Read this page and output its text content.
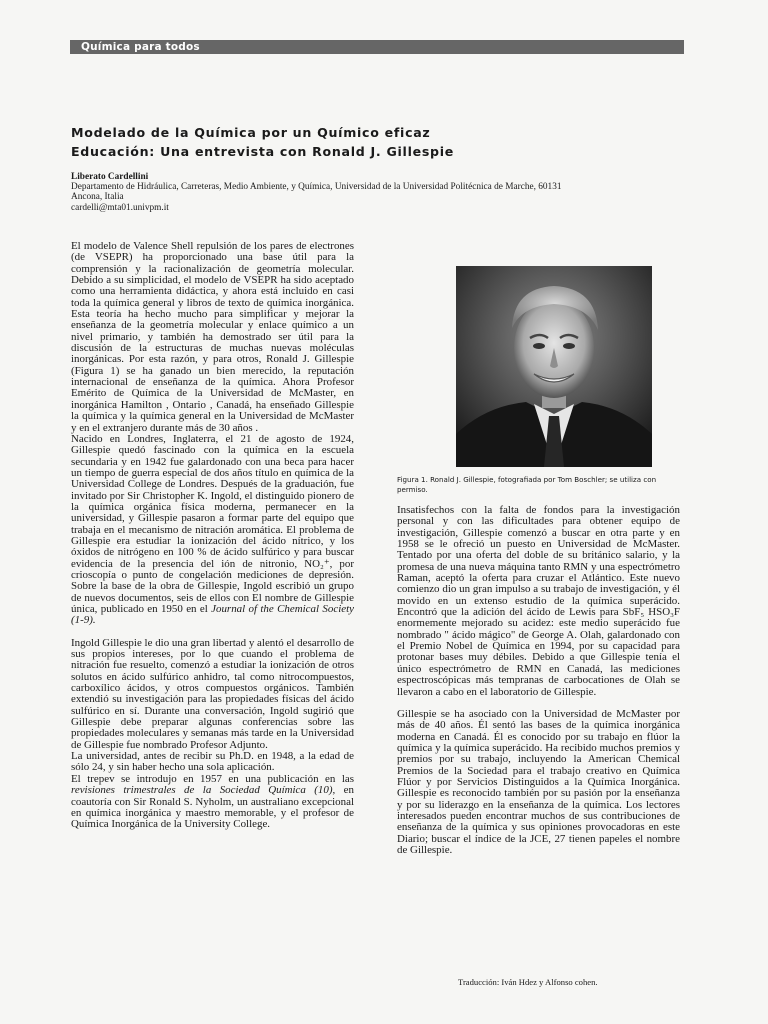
Química para todos
Modelado de la Química por un Químico eficaz
Educación: Una entrevista con Ronald J. Gillespie
Liberato Cardellini
Departamento de Hidráulica, Carreteras, Medio Ambiente, y Química, Universidad de la Universidad Politécnica de Marche, 60131
Ancona, Italia
cardelli@mta01.univpm.it

El modelo de Valence Shell repulsión de los pares de electrones (de VSEPR) ha proporcionado una base útil para la comprensión y la racionalización de geometría molecular. Debido a su simplicidad, el modelo de VSEPR ha sido aceptado como una herramienta didáctica, y ahora está incluido en casi toda la química general y libros de texto de química inorgánica. Esta teoría ha hecho mucho para simplificar y mejorar la enseñanza de la geometría molecular y enlace químico a un nivel primario, y también ha demostrado ser útil para la discusión de la estructuras de muchas nuevas moléculas inorgánicas. Por esta razón, y para otros, Ronald J. Gillespie (Figura 1) se ha ganado un bien merecido, la reputación internacional de enseñanza de la química. Ahora Profesor Emérito de Química de la Universidad de McMaster, en inorgánica Hamilton , Ontario , Canadá, ha enseñado Gillespie la química y la química general en la Universidad de McMaster y en el extranjero durante más de 30 años .

Nacido en Londres, Inglaterra, el 21 de agosto de 1924, Gillespie quedó fascinado con la química en la escuela secundaria y en 1942 fue galardonado con una beca para hacer un tiempo de guerra especial de dos años título en química de la Universidad College de Londres. Después de la graduación, fue invitado por Sir Christopher K. Ingold, el distinguido pionero de la química orgánica física moderna, permanecer en la universidad, y Gillespie pasaron a formar parte del equipo que trabaja en el mecanismo de nitración aromática. El problema de Gillespie era estudiar la ionización del ácido nítrico, y los óxidos de nitrógeno en 100 % de ácido sulfúrico y para buscar evidencia de la presencia del ión de nitronio, NO₂⁺, por crioscopía o punto de congelación mediciones de depresión. Sobre la base de la obra de Gillespie, Ingold escribió un grupo de nuevos documentos, seis de ellos con El nombre de Gillespie única, publicado en 1950 en el Journal of the Chemical Society (1-9).

Ingold Gillespie le dio una gran libertad y alentó el desarrollo de sus propios intereses, por lo que cuando el problema de nitración fue resuelto, comenzó a estudiar la ionización de otros solutos en ácido sulfúrico anhidro, tal como nitrocompuestos, carboxílico ácidos, y otros compuestos orgánicos. También extendió su investigación para las propiedades físicas del ácido sulfúrico en sí. Durante una conversación, Ingold sugirió que Gillespie debe preparar algunas conferencias sobre las propiedades moleculares y semanas más tarde en la Universidad de Gillespie fue nombrado Profesor Adjunto.

La universidad, antes de recibir su Ph.D. en 1948, a la edad de sólo 24, y sin haber hecho una sola aplicación.

El trepev se introdujo en 1957 en una publicación en las revisiones trimestrales de la Sociedad Química (10), en coautoría con Sir Ronald S. Nyholm, un australiano excepcional en química inorgánica y maestro memorable, y el profesor de Química Inorgánica de la University College.

Figura 1. Ronald J. Gillespie, fotografiada por Tom Boschler; se utiliza con permiso.

Insatisfechos con la falta de fondos para la investigación personal y con las dificultades para obtener equipo de investigación, Gillespie comenzó a buscar en otra parte y en 1958 se le ofreció un puesto en Universidad de McMaster. Tentado por una oferta del doble de su británico salario, y la promesa de una nueva máquina tanto RMN y una espectrómetro Raman, aceptó la oferta para cruzar el Atlántico. Este nuevo comienzo dio un gran impulso a su trabajo de investigación, y él movido en un extenso estudio de la química superácido. Encontró que la adición del ácido de Lewis para SbF₅ HSO₃F enormemente mejorado su acidez: este medio superácido fue nombrado " ácido mágico" de George A. Olah, galardonado con el Premio Nobel de Química en 1994, por su capacidad para protonar bases muy débiles. Debido a que Gillespie tenía el único espectrómetro de RMN en Canadá, las mediciones espectroscópicas más tempranas de carbocationes de Olah se llevaron a cabo en el laboratorio de Gillespie.

Gillespie se ha asociado con la Universidad de McMaster por más de 40 años. Él sentó las bases de la química inorgánica moderna en Canadá. Él es conocido por su trabajo en flúor la química y la química superácido. Ha recibido muchos premios y premios por su trabajo, incluyendo la American Chemical Premios de la Sociedad para el trabajo creativo en Química Flúor y por Servicios Distinguidos a la Química Inorgánica. Gillespie es reconocido también por su pasión por la enseñanza y por su liderazgo en la enseñanza de la química. Los lectores interesados pueden encontrar muchos de sus contribuciones de enseñanza de la química y sus opiniones provocadoras en este Diario; buscar el índice de la JCE, 27 tienen papeles el nombre de Gillespie.

Traducción: Iván Hdez y Alfonso cohen.
